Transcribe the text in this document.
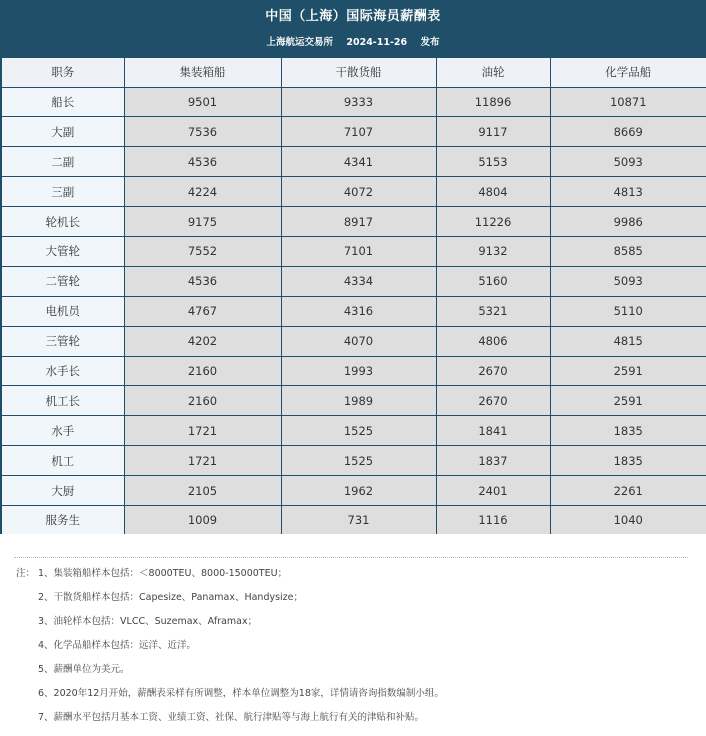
中国（上海）国际海员薪酬表
上海航运交易所 2024-11-26 发布
职务	集装箱船	干散货船	油轮	化学品船
船长	9501	9333	11896	10871
大副	7536	7107	9117	8669
二副	4536	4341	5153	5093
三副	4224	4072	4804	4813
轮机长	9175	8917	11226	9986
大管轮	7552	7101	9132	8585
二管轮	4536	4334	5160	5093
电机员	4767	4316	5321	5110
三管轮	4202	4070	4806	4815
水手长	2160	1993	2670	2591
机工长	2160	1989	2670	2591
水手	1721	1525	1841	1835
机工	1721	1525	1837	1835
大厨	2105	1962	2401	2261
服务生	1009	731	1116	1040
注： 1、集装箱船样本包括：＜8000TEU、8000-15000TEU；
2、干散货船样本包括：Capesize、Panamax、Handysize；
3、油轮样本包括：VLCC、Suzemax、Aframax；
4、化学品船样本包括：远洋、近洋。
5、薪酬单位为美元。
6、2020年12月开始，薪酬表采样有所调整，样本单位调整为18家，详情请咨询指数编制小组。
7、薪酬水平包括月基本工资、业绩工资、社保、航行津贴等与海上航行有关的津贴和补贴。
